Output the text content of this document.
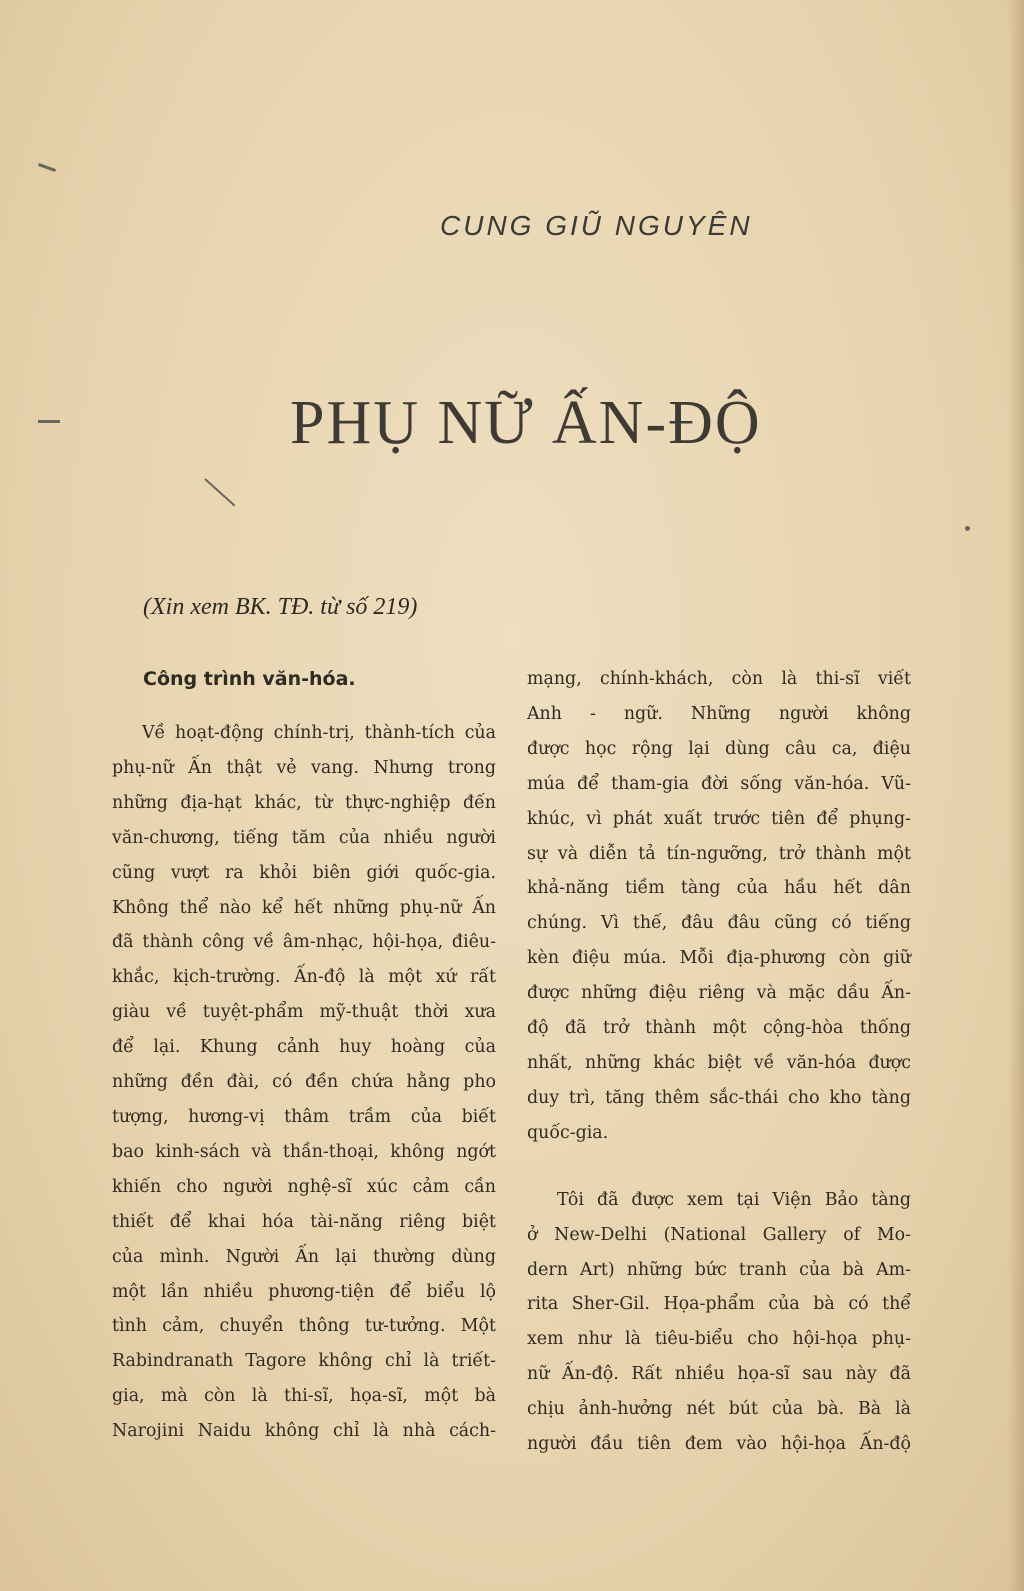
CUNG GIŨ NGUYÊN
PHỤ NỮ ẤN-ĐỘ
(Xin xem BK. TĐ. từ số 219)
Công trình văn-hóa.
Về hoạt-động chính-trị, thành-tích của
phụ-nữ Ấn thật vẻ vang. Nhưng trong
những địa-hạt khác, từ thực-nghiệp đến
văn-chương, tiếng tăm của nhiều người
cũng vượt ra khỏi biên giới quốc-gia.
Không thể nào kể hết những phụ-nữ Ấn
đã thành công về âm-nhạc, hội-họa, điêu-
khắc, kịch-trường. Ấn-độ là một xứ rất
giàu về tuyệt-phẩm mỹ-thuật thời xưa
để lại. Khung cảnh huy hoàng của
những đền đài, có đền chứa hằng pho
tượng, hương-vị thâm trầm của biết
bao kinh-sách và thần-thoại, không ngớt
khiến cho người nghệ-sĩ xúc cảm cần
thiết để khai hóa tài-năng riêng biệt
của mình. Người Ấn lại thường dùng
một lần nhiều phương-tiện để biểu lộ
tình cảm, chuyển thông tư-tưởng. Một
Rabindranath Tagore không chỉ là triết-
gia, mà còn là thi-sĩ, họa-sĩ, một bà
Narojini Naidu không chỉ là nhà cách-
mạng, chính-khách, còn là thi-sĩ viết
Anh - ngữ. Những người không
được học rộng lại dùng câu ca, điệu
múa để tham-gia đời sống văn-hóa. Vũ-
khúc, vì phát xuất trước tiên để phụng-
sự và diễn tả tín-ngưỡng, trở thành một
khả-năng tiềm tàng của hầu hết dân
chúng. Vì thế, đâu đâu cũng có tiếng
kèn điệu múa. Mỗi địa-phương còn giữ
được những điệu riêng và mặc dầu Ấn-
độ đã trở thành một cộng-hòa thống
nhất, những khác biệt về văn-hóa được
duy trì, tăng thêm sắc-thái cho kho tàng
quốc-gia.
Tôi đã được xem tại Viện Bảo tàng
ở New-Delhi (National Gallery of Mo-
dern Art) những bức tranh của bà Am-
rita Sher-Gil. Họa-phẩm của bà có thể
xem như là tiêu-biểu cho hội-họa phụ-
nữ Ấn-độ. Rất nhiều họa-sĩ sau này đã
chịu ảnh-hưởng nét bút của bà. Bà là
người đầu tiên đem vào hội-họa Ấn-độ
